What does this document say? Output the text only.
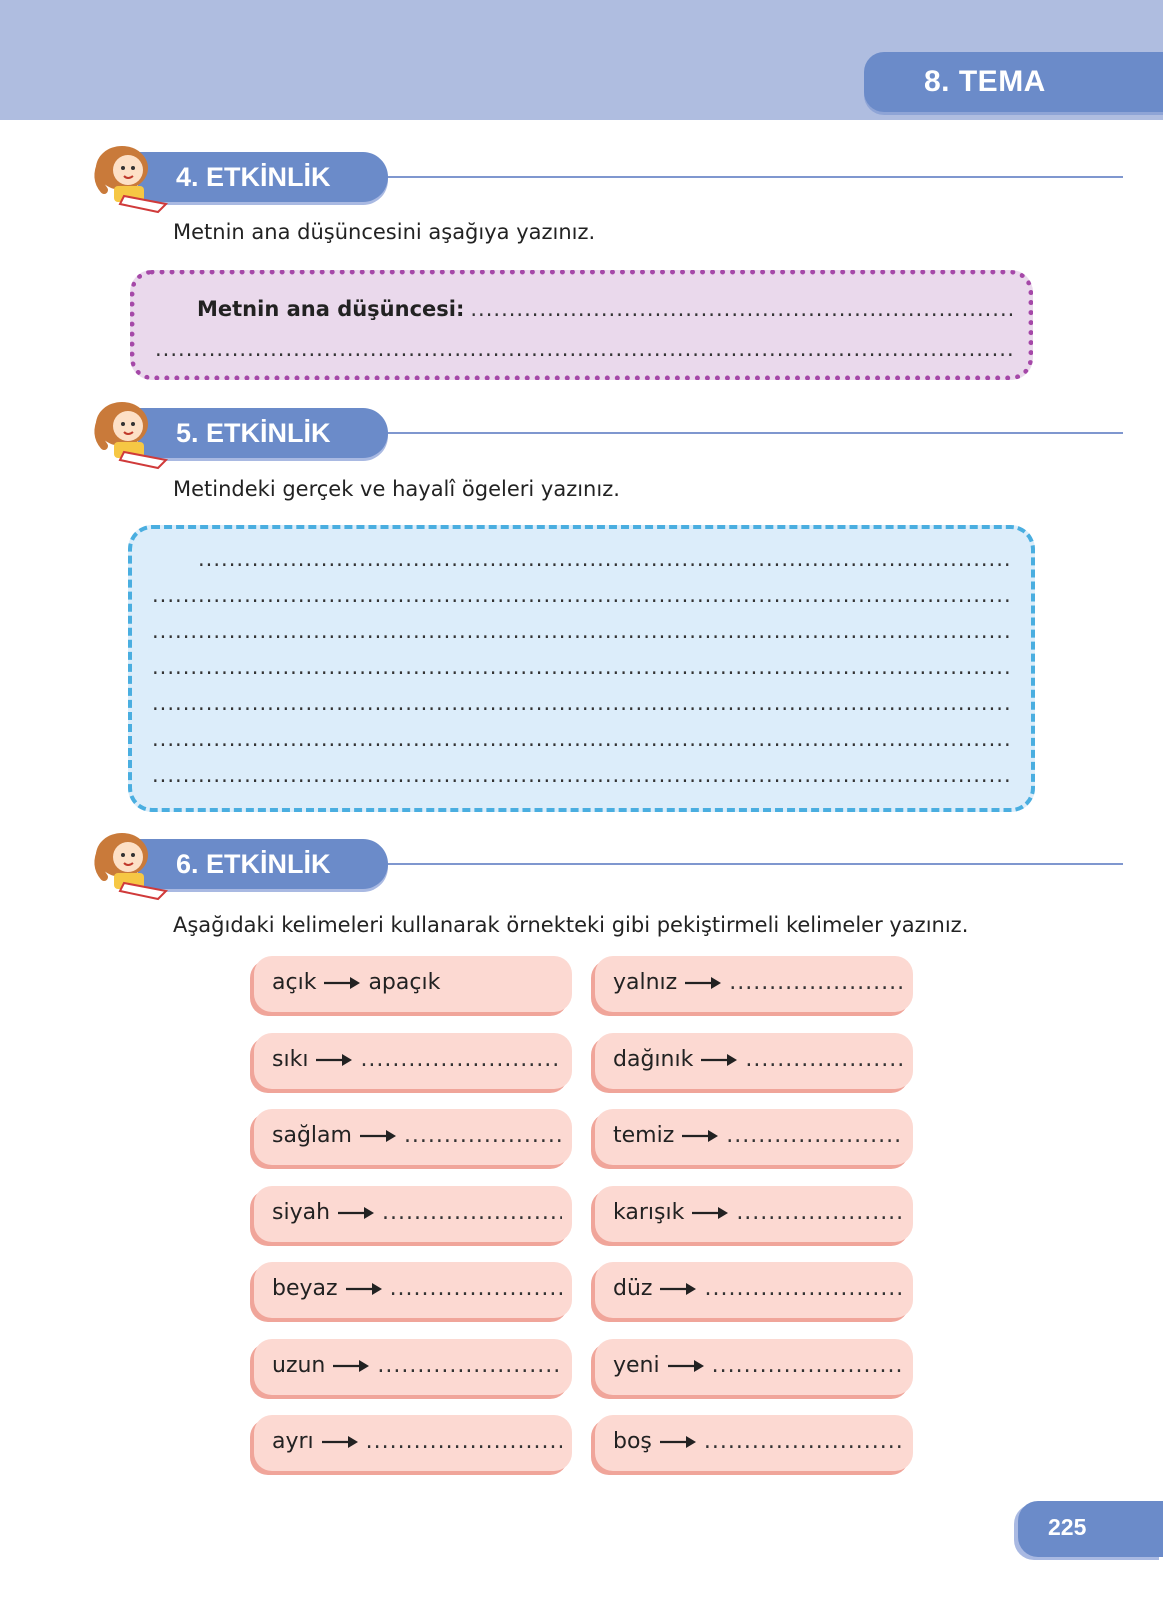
8. TEMA
4. ETKİNLİK
Metnin ana düşüncesini aşağıya yazınız.
Metnin ana düşüncesi:
.....
.....
5. ETKİNLİK
Metindeki gerçek ve hayalî ögeleri yazınız.
.....
.....
.....
.....
.....
.....
.....
6. ETKİNLİK
Aşağıdaki kelimeleri kullanarak örnekteki gibi pekiştirmeli kelimeler yazınız.
açık apaçık
sıkı
.....
sağlam
.....
siyah
.....
beyaz
.....
uzun
.....
ayrı
.....
yalnız
.....
dağınık
.....
temiz
.....
karışık
.....
düz
.....
yeni
.....
boş
.....
225
